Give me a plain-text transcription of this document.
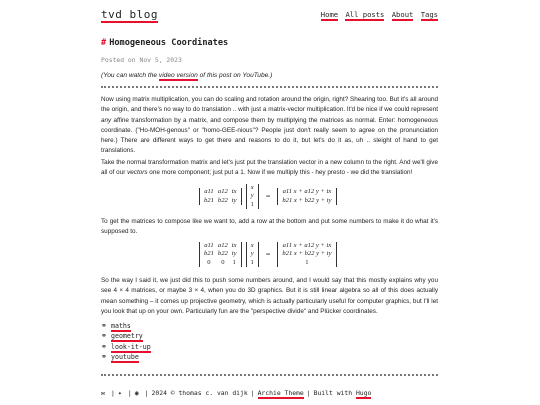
tvd blog	Home All posts About Tags
# Homogeneous Coordinates
Posted on Nov 5, 2023
(You can watch the video version of this post on YouTube.)

Now using matrix multiplication, you can do scaling and rotation around the origin, right? Shearing too. But it's all around the origin, and there's no way to do translation .. with just a matrix-vector multiplication. It'd be nice if we could represent any affine transformation by a matrix, and compose them by multiplying the matrices as normal. Enter: homogeneous coordinate. ("Ho-MOH-genous" or "homo-GEE-nious"? People just don't really seem to agree on the pronunciation here.) There are different ways to get there and reasons to do it, but let's do it as, uh .. sleight of hand to get translations.

Take the normal transformation matrix and let's just put the translation vector in a new column to the right. And we'll give all of our vectors one more component; just put a 1. Now if we multiply this - hey presto - we did the translation!

a11	a12	tx
b21	b22	ty

x
y
1
=
a11 x + a12 y + tx
b21 x + b22 y + ty

To get the matrices to compose like we want to, add a row at the bottom and put some numbers to make it do what it's supposed to.

a11	a12	tx
b21	b22	ty
0	0	1

x
y
1
=
a11 x + a12 y + tx
b21 x + b22 y + ty
1

So the way I said it, we just did this to push some numbers around, and I would say that this mostly explains why you see 4 × 4 matrices, or maybe 3 × 4, when you do 3D graphics. But it is still linear algebra so all of this does actually mean something – it comes up projective geometry, which is actually particularly useful for computer graphics, but I'll let you look that up on your own. Particularly fun are the "perspective divide" and Plücker coordinates.

⚭ maths
⚭ geometry
⚭ look-it-up
⚭ youtube
✉ | ✦ | ◉ | 2024 © thomas c. van dijk | Archie Theme | Built with Hugo
